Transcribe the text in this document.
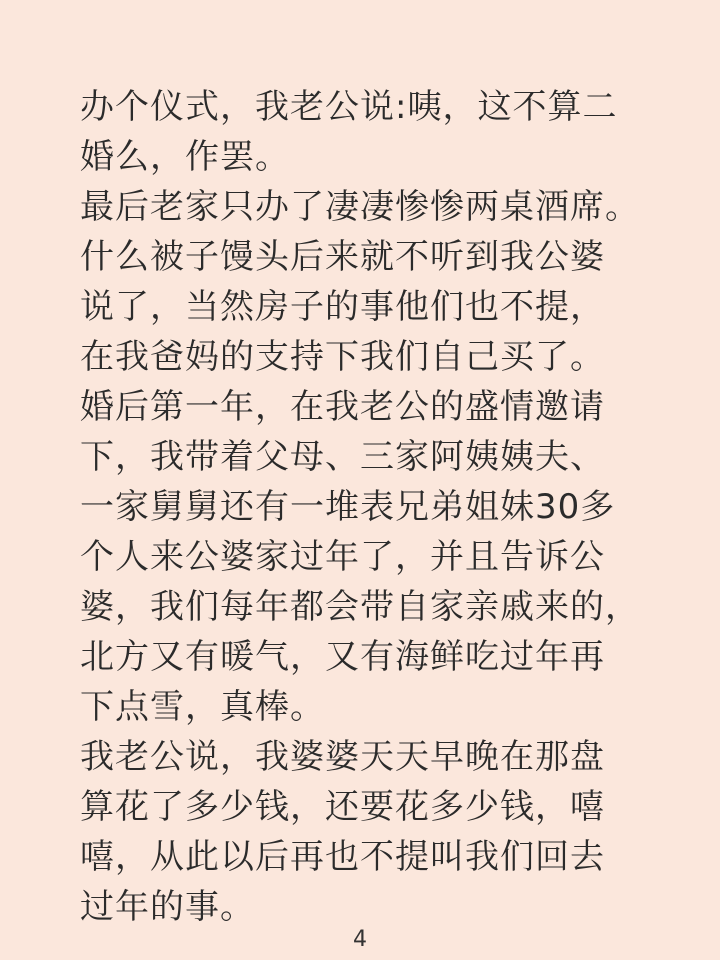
办个仪式，我老公说:咦，这不算二
婚么，作罢。
最后老家只办了凄凄惨惨两桌酒席。
什么被子馒头后来就不听到我公婆
说了，当然房子的事他们也不提，
在我爸妈的支持下我们自己买了。
婚后第一年，在我老公的盛情邀请
下，我带着父母、三家阿姨姨夫、
一家舅舅还有一堆表兄弟姐妹30多
个人来公婆家过年了，并且告诉公
婆，我们每年都会带自家亲戚来的，
北方又有暖气，又有海鲜吃过年再
下点雪，真棒。
我老公说，我婆婆天天早晚在那盘
算花了多少钱，还要花多少钱，嘻
嘻，从此以后再也不提叫我们回去
过年的事。
4
